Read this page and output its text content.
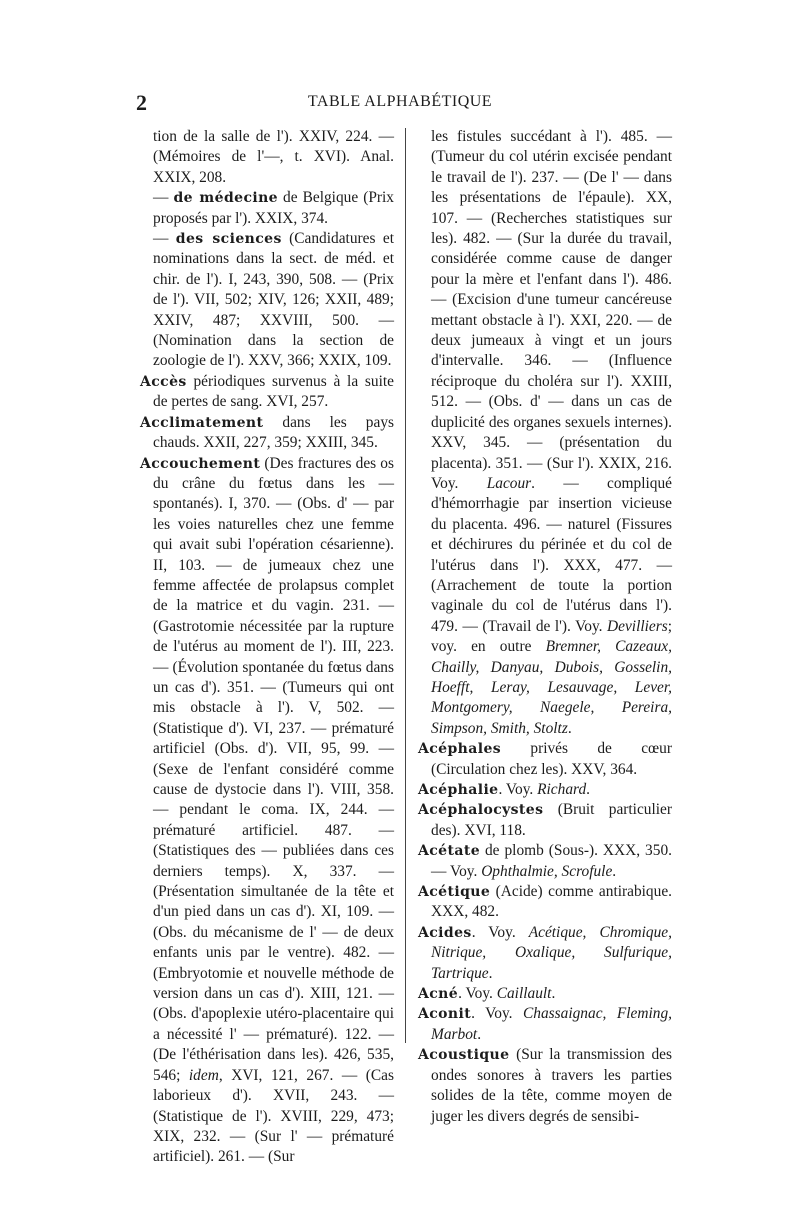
2	TABLE ALPHABÉTIQUE

tion de la salle de l'). XXIV, 224. — (Mémoires de l'—, t. XVI). Anal. XXIX, 208.

— de médecine de Belgique (Prix proposés par l'). XXIX, 374.

— des sciences (Candidatures et nominations dans la sect. de méd. et chir. de l'). I, 243, 390, 508. — (Prix de l'). VII, 502; XIV, 126; XXII, 489; XXIV, 487; XXVIII, 500. — (Nomination dans la section de zoologie de l'). XXV, 366; XXIX, 109.

Accès périodiques survenus à la suite de pertes de sang. XVI, 257.

Acclimatement dans les pays chauds. XXII, 227, 359; XXIII, 345.

Accouchement (Des fractures des os du crâne du fœtus dans les — spontanés). I, 370. — (Obs. d' — par les voies naturelles chez une femme qui avait subi l'opération césarienne). II, 103. — de jumeaux chez une femme affectée de prolapsus complet de la matrice et du vagin. 231. — (Gastrotomie nécessitée par la rupture de l'utérus au moment de l'). III, 223. — (Évolution spontanée du fœtus dans un cas d'). 351. — (Tumeurs qui ont mis obstacle à l'). V, 502. — (Statistique d'). VI, 237. — prématuré artificiel (Obs. d'). VII, 95, 99. — (Sexe de l'enfant considéré comme cause de dystocie dans l'). VIII, 358. — pendant le coma. IX, 244. — prématuré artificiel. 487. — (Statistiques des — publiées dans ces derniers temps). X, 337. — (Présentation simultanée de la tête et d'un pied dans un cas d'). XI, 109. — (Obs. du mécanisme de l' — de deux enfants unis par le ventre). 482. — (Embryotomie et nouvelle méthode de version dans un cas d'). XIII, 121. — (Obs. d'apoplexie utéro-placentaire qui a nécessité l' — prématuré). 122. — (De l'éthérisation dans les). 426, 535, 546; idem, XVI, 121, 267. — (Cas laborieux d'). XVII, 243. — (Statistique de l'). XVIII, 229, 473; XIX, 232. — (Sur l' — prématuré artificiel). 261. — (Sur

les fistules succédant à l'). 485. — (Tumeur du col utérin excisée pendant le travail de l'). 237. — (De l' — dans les présentations de l'épaule). XX, 107. — (Recherches statistiques sur les). 482. — (Sur la durée du travail, considérée comme cause de danger pour la mère et l'enfant dans l'). 486. — (Excision d'une tumeur cancéreuse mettant obstacle à l'). XXI, 220. — de deux jumeaux à vingt et un jours d'intervalle. 346. — (Influence réciproque du choléra sur l'). XXIII, 512. — (Obs. d' — dans un cas de duplicité des organes sexuels internes). XXV, 345. — (présentation du placenta). 351. — (Sur l'). XXIX, 216. Voy. Lacour. — compliqué d'hémorrhagie par insertion vicieuse du placenta. 496. — naturel (Fissures et déchirures du périnée et du col de l'utérus dans l'). XXX, 477. — (Arrachement de toute la portion vaginale du col de l'utérus dans l'). 479. — (Travail de l'). Voy. Devilliers; voy. en outre Bremner, Cazeaux, Chailly, Danyau, Dubois, Gosselin, Hoefft, Leray, Lesauvage, Lever, Montgomery, Naegele, Pereira, Simpson, Smith, Stoltz.

Acéphales privés de cœur (Circulation chez les). XXV, 364.

Acéphalie. Voy. Richard.

Acéphalocystes (Bruit particulier des). XVI, 118.

Acétate de plomb (Sous-). XXX, 350. — Voy. Ophthalmie, Scrofule.

Acétique (Acide) comme antirabique. XXX, 482.

Acides. Voy. Acétique, Chromique, Nitrique, Oxalique, Sulfurique, Tartrique.

Acné. Voy. Caillault.

Aconit. Voy. Chassaignac, Fleming, Marbot.

Acoustique (Sur la transmission des ondes sonores à travers les parties solides de la tête, comme moyen de juger les divers degrés de sensibi-
